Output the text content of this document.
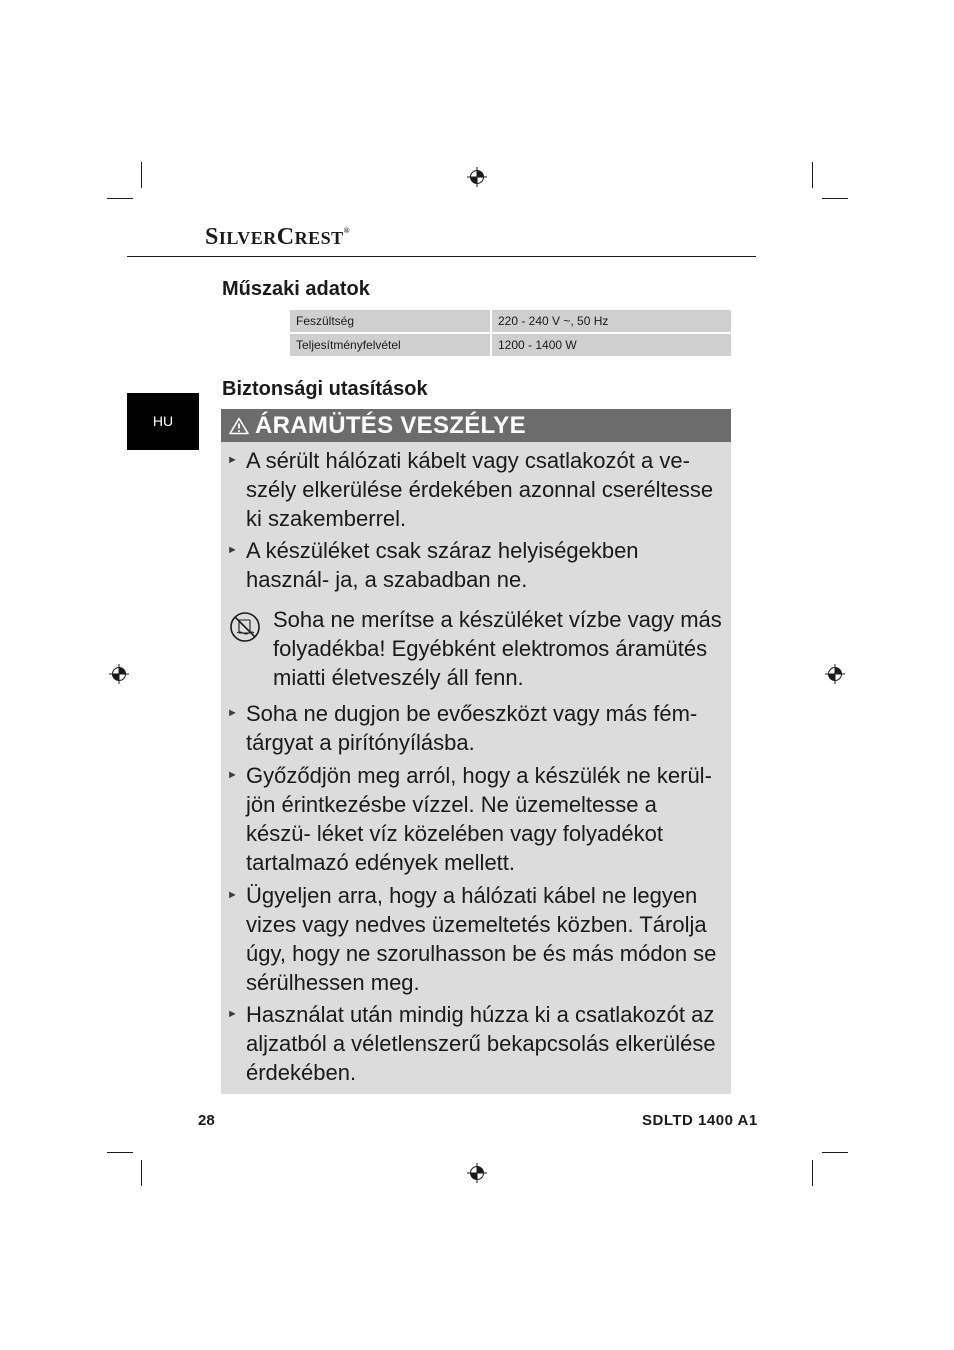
SILVERCREST®
Műszaki adatok
Feszültség	220 - 240 V ~, 50 Hz
Teljesítményfelvétel	1200 - 1400 W
HU
Biztonsági utasítások
ÁRAMÜTÉS VESZÉLYE
► A sérült hálózati kábelt vagy csatlakozót a ve- szély elkerülése érdekében azonnal cseréltesse ki szakemberrel.
► A készüléket csak száraz helyiségekben használ- ja, a szabadban ne.
Soha ne merítse a készüléket vízbe vagy más folyadékba! Egyébként elektromos áramütés miatti életveszély áll fenn.
► Soha ne dugjon be evőeszközt vagy más fém- tárgyat a pirítónyílásba.
► Győződjön meg arról, hogy a készülék ne kerül- jön érintkezésbe vízzel. Ne üzemeltesse a készü- léket víz közelében vagy folyadékot tartalmazó edények mellett.
► Ügyeljen arra, hogy a hálózati kábel ne legyen vizes vagy nedves üzemeltetés közben. Tárolja úgy, hogy ne szorulhasson be és más módon se sérülhessen meg.
► Használat után mindig húzza ki a csatlakozót az aljzatból a véletlenszerű bekapcsolás elkerülése érdekében.
28	SDLTD 1400 A1
